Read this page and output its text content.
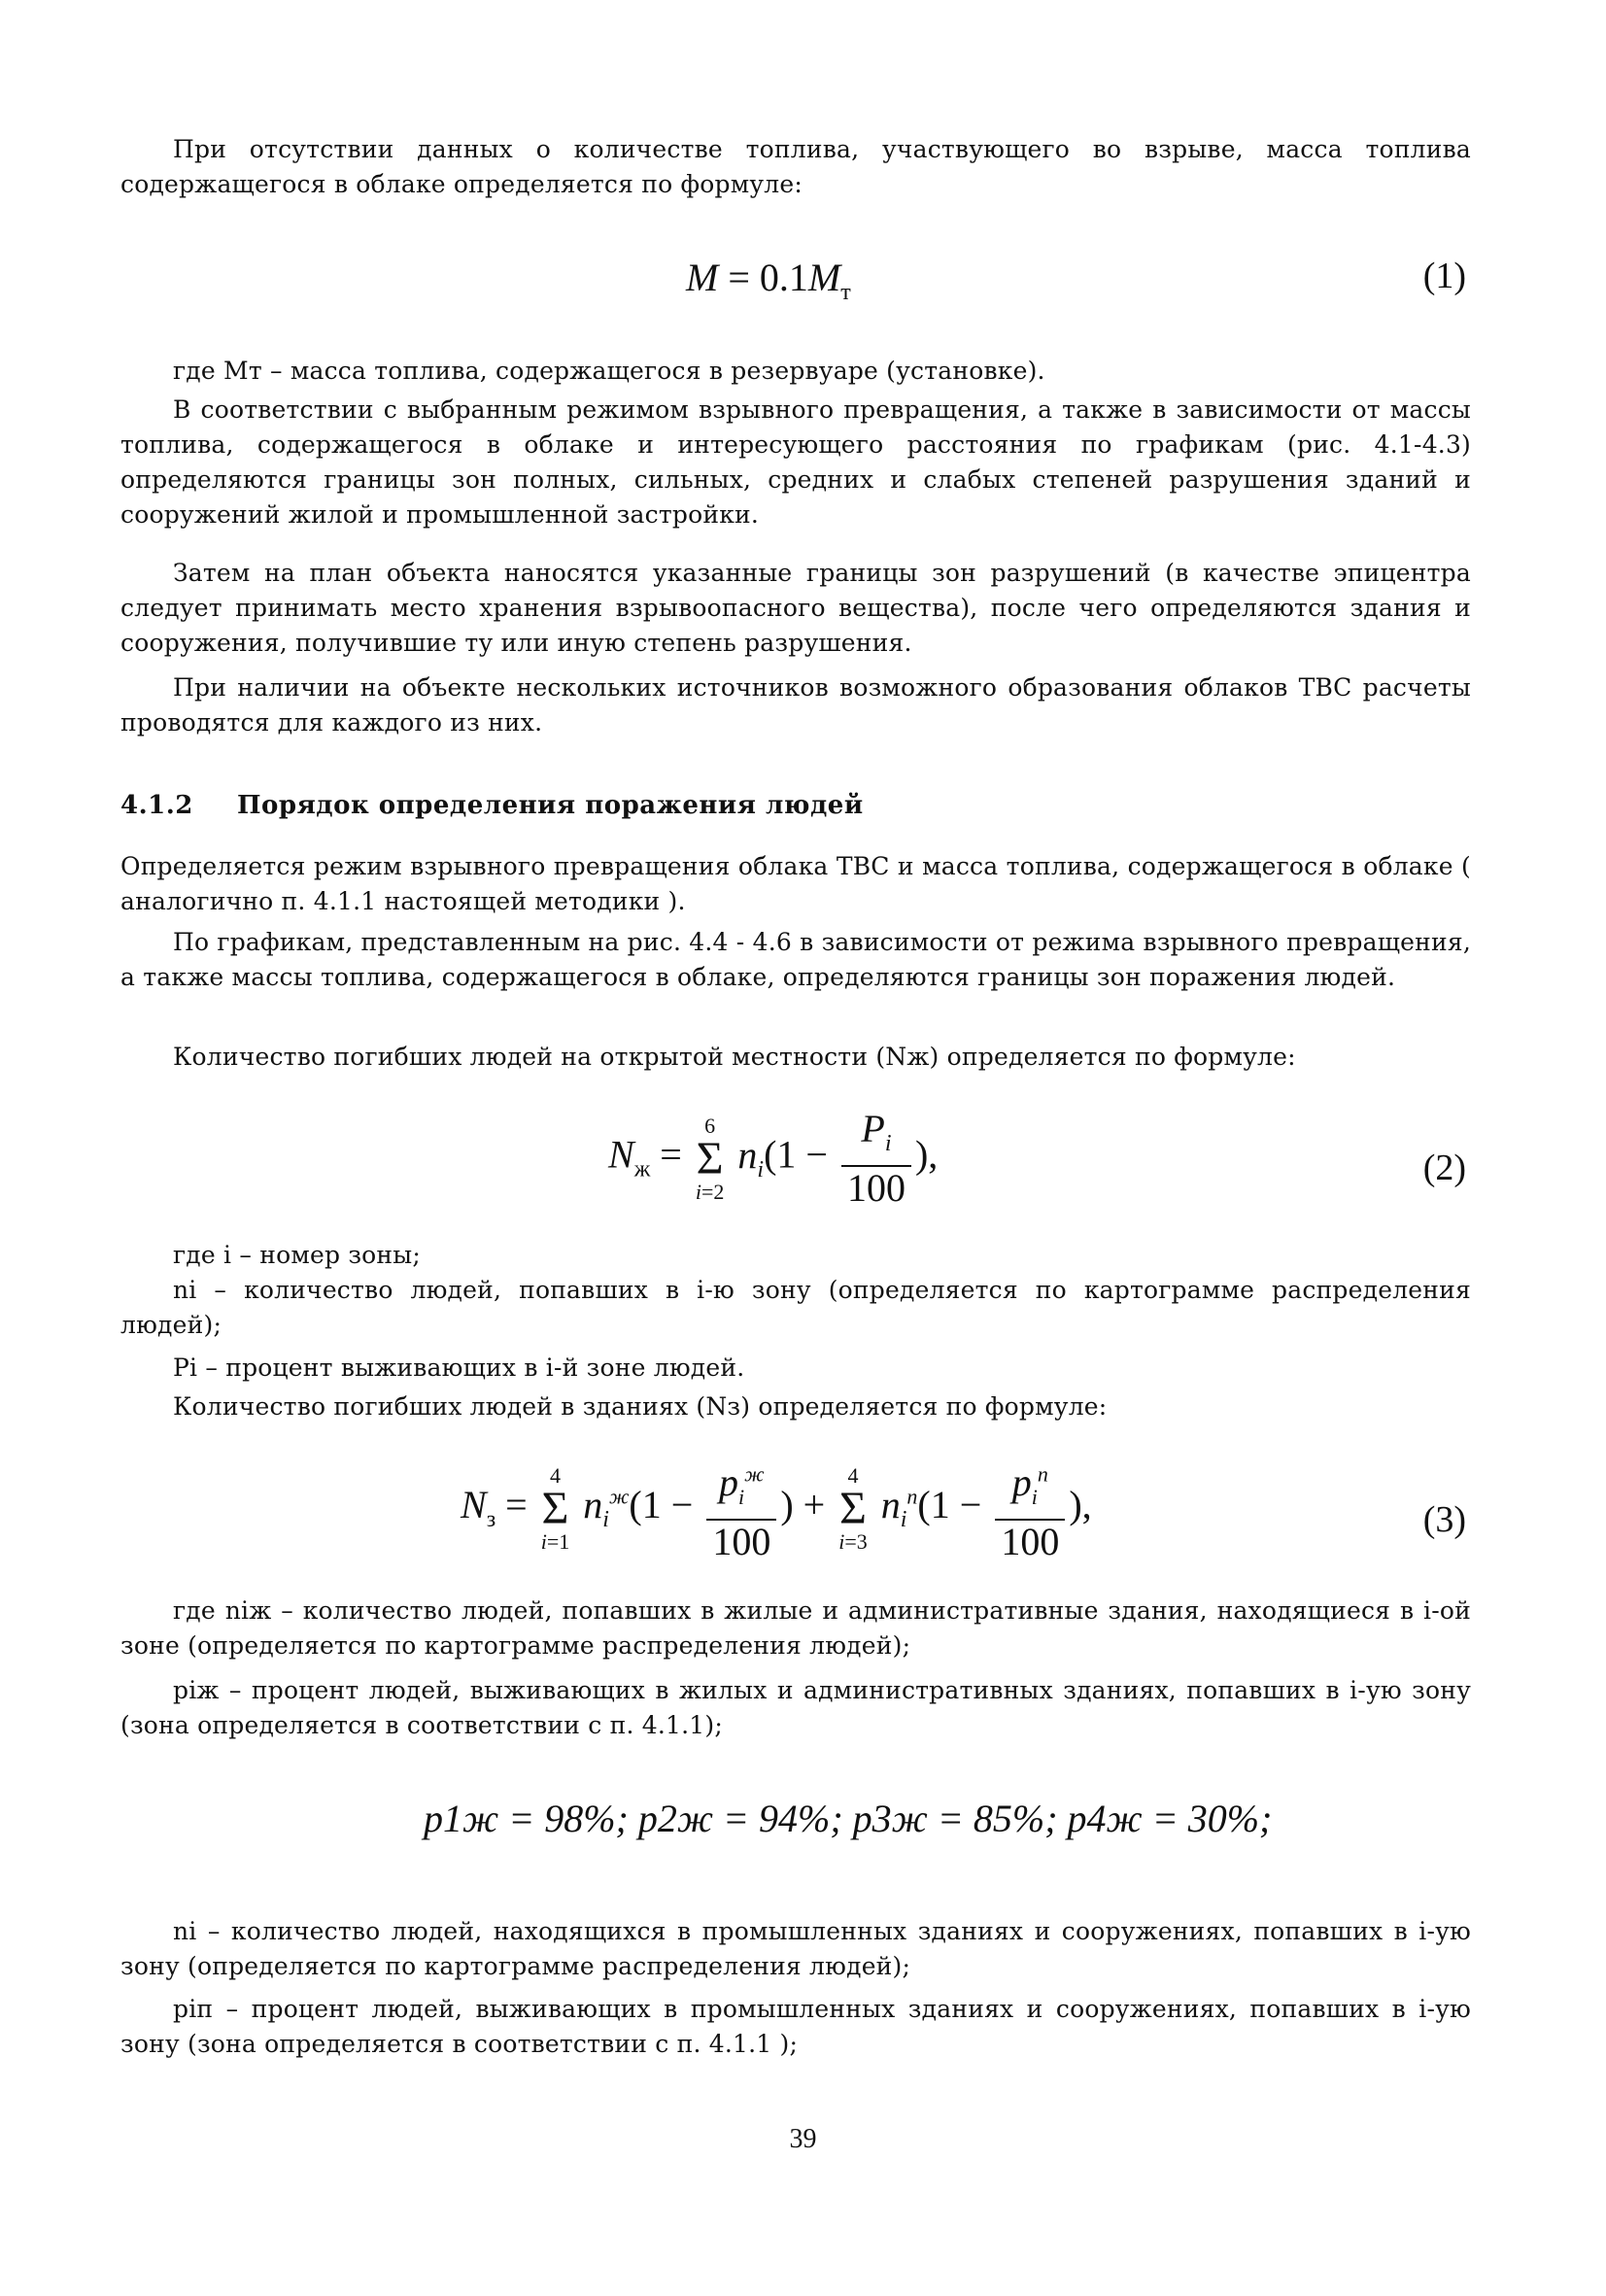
При отсутствии данных о количестве топлива, участвующего во взрыве, масса топлива содержащегося в облаке определяется по формуле:
$M = 0.1M_т$	(1)
где Mт – масса топлива, содержащегося в резервуаре (установке).
В соответствии с выбранным режимом взрывного превращения, а также в зависимости от массы топлива, содержащегося в облаке и интересующего расстояния по графикам (рис. 4.1-4.3) определяются границы зон полных, сильных, средних и слабых степеней разрушения зданий и сооружений жилой и промышленной застройки.
Затем на план объекта наносятся указанные границы зон разрушений (в качестве эпицентра следует принимать место хранения взрывоопасного вещества), после чего определяются здания и сооружения, получившие ту или иную степень разрушения.
При наличии на объекте нескольких источников возможного образования облаков ТВС расчеты проводятся для каждого из них.
4.1.2 Порядок определения поражения людей
Определяется режим взрывного превращения облака ТВС и масса топлива, содержащегося в облаке ( аналогично п. 4.1.1 настоящей методики ).
По графикам, представленным на рис. 4.4 - 4.6 в зависимости от режима взрывного превращения, а также массы топлива, содержащегося в облаке, определяются границы зон поражения людей.
Количество погибших людей на открытой местности (Nж) определяется по формуле:
$N_ж$ =
6
Σ
i=2
$n_i(1 - \frac{P_i}{100}$ ),	(2)
где i – номер зоны;
ni – количество людей, попавших в i-ю зону (определяется по картограмме распределения людей);
Pi – процент выживающих в i-й зоне людей.
Количество погибших людей в зданиях (Nз) определяется по формуле:
$N_з$ =
4
Σ
i=1
$n_i^ж(1 - \frac{p_i^ж}{100}$ ) +
4
Σ
i=3
$n_i^п(1 - \frac{p_i^п}{100}$ ),	(3)
где niж – количество людей, попавших в жилые и административные здания, находящиеся в i-ой зоне (определяется по картограмме распределения людей);
piж – процент людей, выживающих в жилых и административных зданиях, попавших в i-ую зону (зона определяется в соответствии с п. 4.1.1);
p1ж = 98%; p2ж = 94%; p3ж = 85%; p4ж = 30%;
ni – количество людей, находящихся в промышленных зданиях и сооружениях, попавших в i-ую зону (определяется по картограмме распределения людей);
piп – процент людей, выживающих в промышленных зданиях и сооружениях, попавших в i-ую зону (зона определяется в соответствии с п. 4.1.1 );
39
